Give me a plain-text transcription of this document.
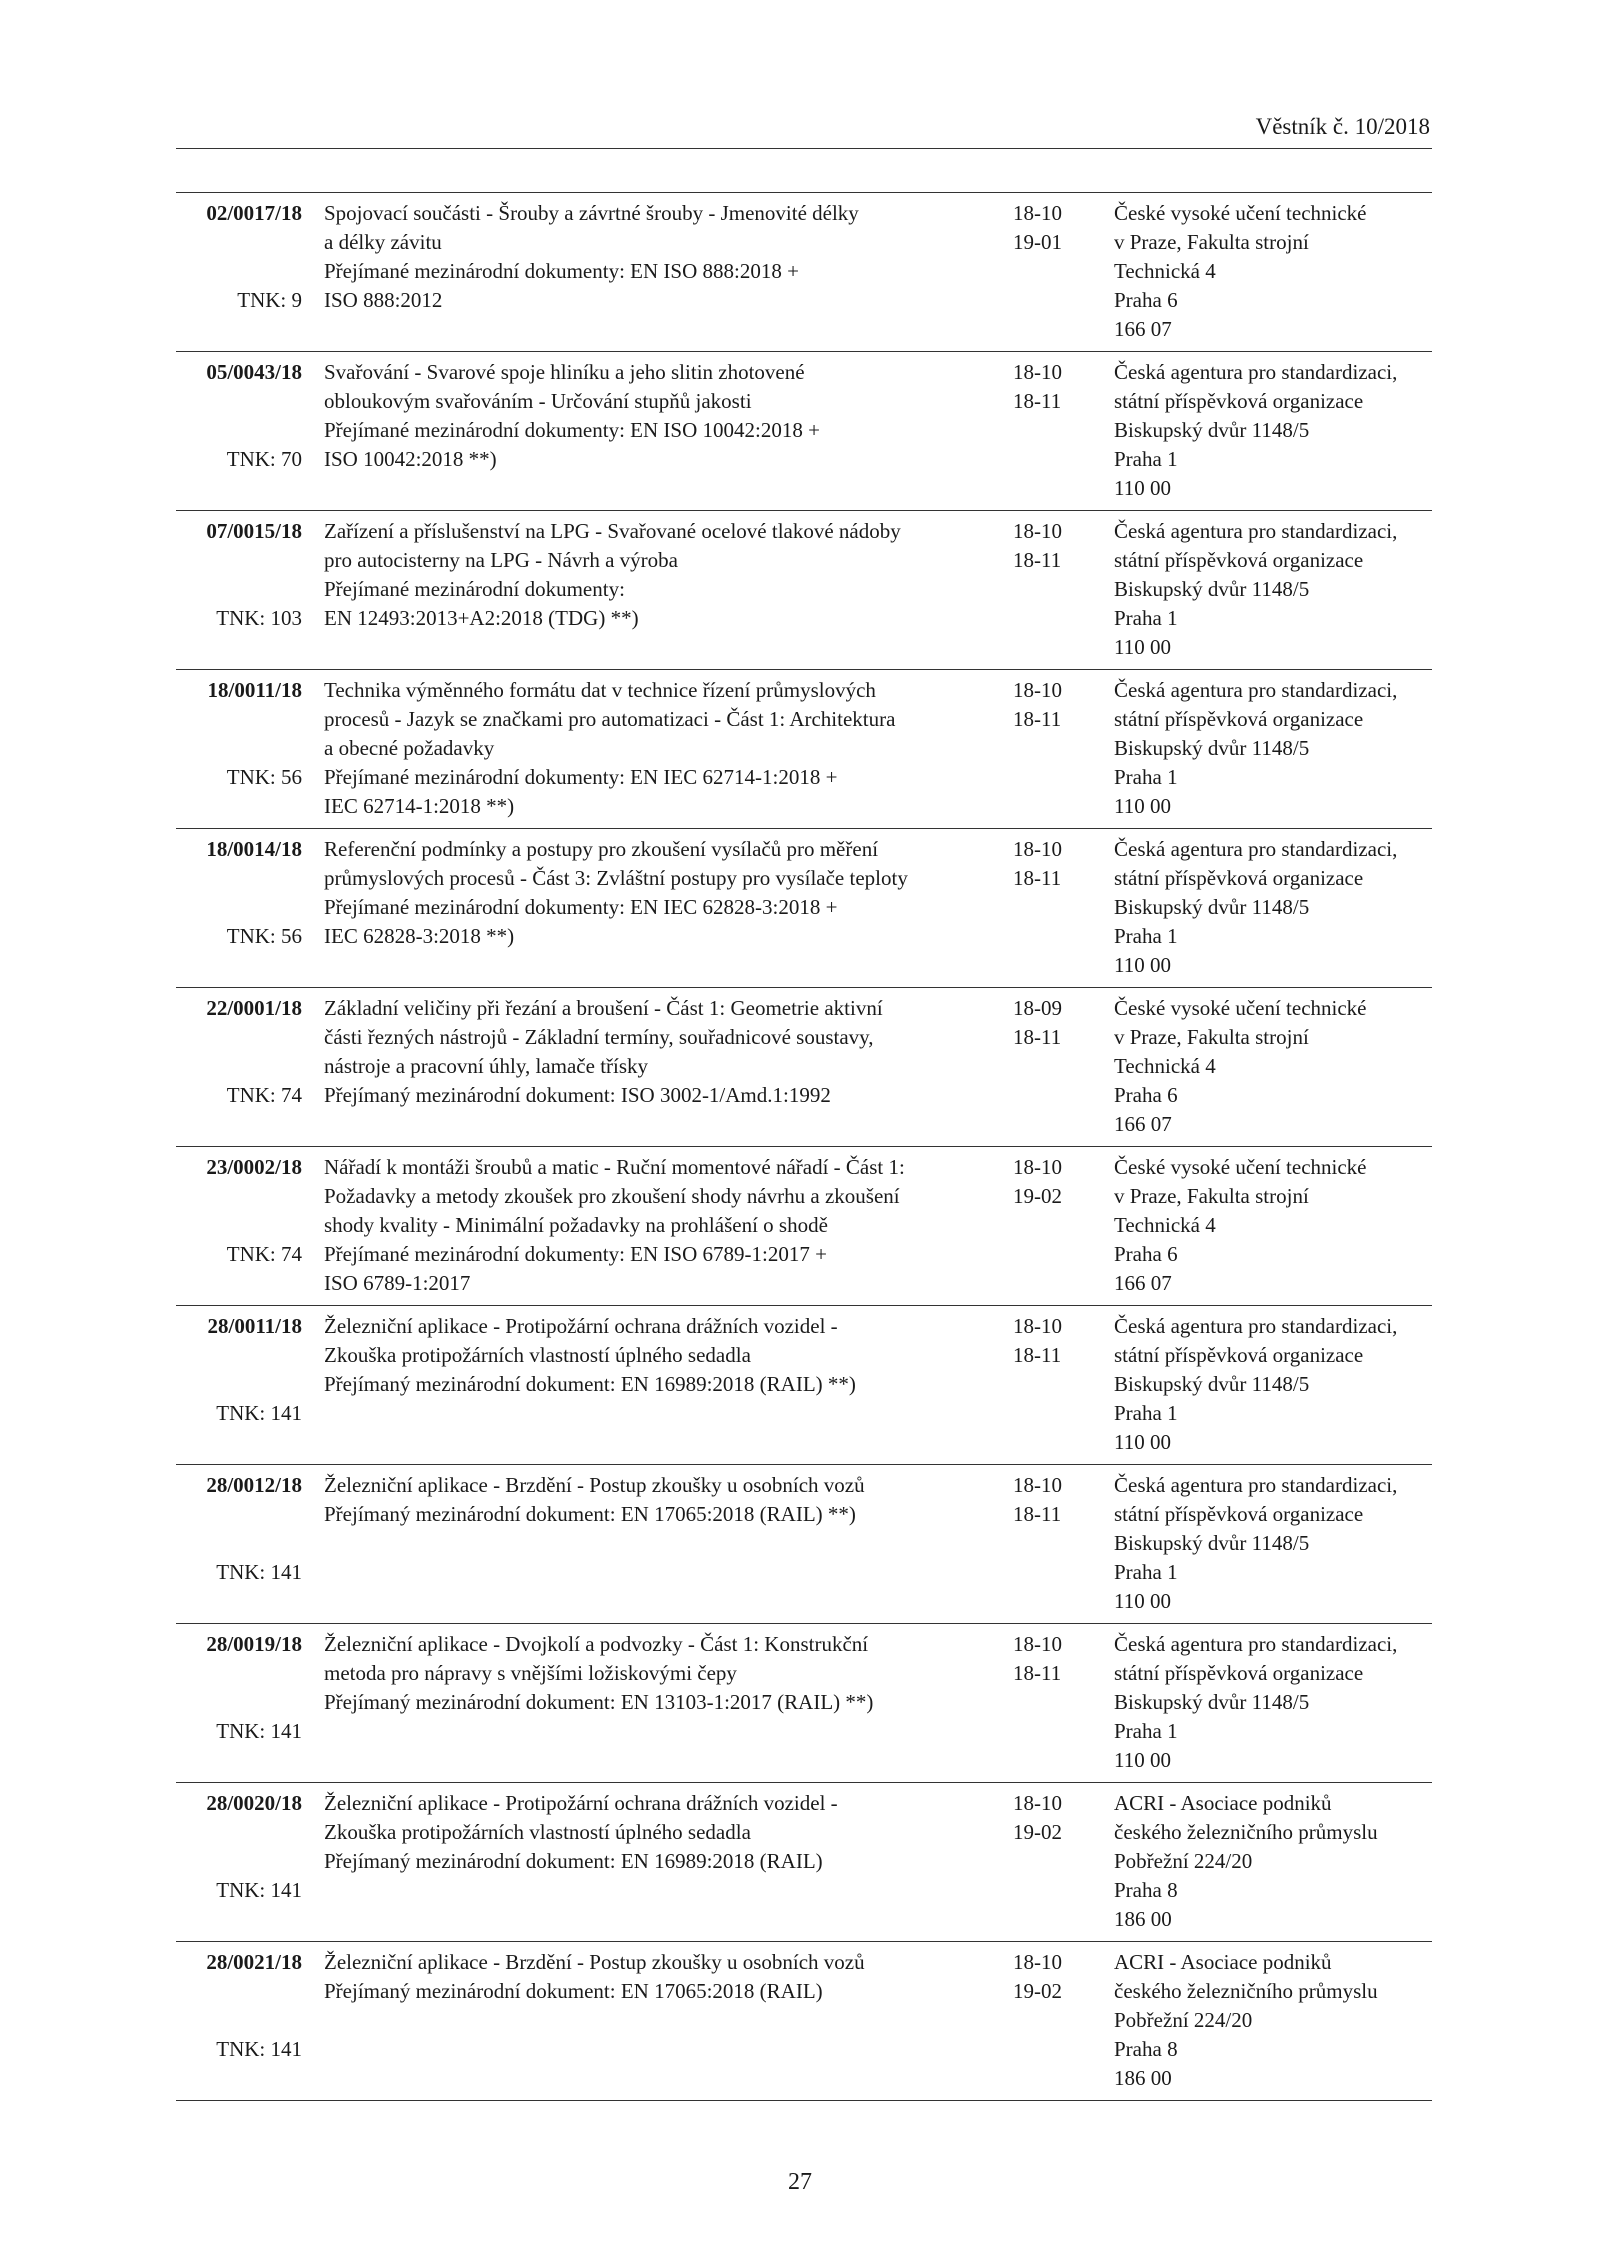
Věstník č. 10/2018
02/0017/18
TNK: 9
Spojovací součásti - Šrouby a závrtné šrouby - Jmenovité délky
a délky závitu
Přejímané mezinárodní dokumenty: EN ISO 888:2018 +
ISO 888:2012
18-10
19-01
České vysoké učení technické
v Praze, Fakulta strojní
Technická 4
Praha 6
166 07
05/0043/18
TNK: 70
Svařování - Svarové spoje hliníku a jeho slitin zhotovené
obloukovým svařováním - Určování stupňů jakosti
Přejímané mezinárodní dokumenty: EN ISO 10042:2018 +
ISO 10042:2018 **)
18-10
18-11
Česká agentura pro standardizaci,
státní příspěvková organizace
Biskupský dvůr 1148/5
Praha 1
110 00
07/0015/18
TNK: 103
Zařízení a příslušenství na LPG - Svařované ocelové tlakové nádoby
pro autocisterny na LPG - Návrh a výroba
Přejímané mezinárodní dokumenty:
EN 12493:2013+A2:2018 (TDG) **)
18-10
18-11
Česká agentura pro standardizaci,
státní příspěvková organizace
Biskupský dvůr 1148/5
Praha 1
110 00
18/0011/18
TNK: 56
Technika výměnného formátu dat v technice řízení průmyslových
procesů - Jazyk se značkami pro automatizaci - Část 1: Architektura
a obecné požadavky
Přejímané mezinárodní dokumenty: EN IEC 62714-1:2018 +
IEC 62714-1:2018 **)
18-10
18-11
Česká agentura pro standardizaci,
státní příspěvková organizace
Biskupský dvůr 1148/5
Praha 1
110 00
18/0014/18
TNK: 56
Referenční podmínky a postupy pro zkoušení vysílačů pro měření
průmyslových procesů - Část 3: Zvláštní postupy pro vysílače teploty
Přejímané mezinárodní dokumenty: EN IEC 62828-3:2018 +
IEC 62828-3:2018 **)
18-10
18-11
Česká agentura pro standardizaci,
státní příspěvková organizace
Biskupský dvůr 1148/5
Praha 1
110 00
22/0001/18
TNK: 74
Základní veličiny při řezání a broušení - Část 1: Geometrie aktivní
části řezných nástrojů - Základní termíny, souřadnicové soustavy,
nástroje a pracovní úhly, lamače třísky
Přejímaný mezinárodní dokument: ISO 3002-1/Amd.1:1992
18-09
18-11
České vysoké učení technické
v Praze, Fakulta strojní
Technická 4
Praha 6
166 07
23/0002/18
TNK: 74
Nářadí k montáži šroubů a matic - Ruční momentové nářadí - Část 1:
Požadavky a metody zkoušek pro zkoušení shody návrhu a zkoušení
shody kvality - Minimální požadavky na prohlášení o shodě
Přejímané mezinárodní dokumenty: EN ISO 6789-1:2017 +
ISO 6789-1:2017
18-10
19-02
České vysoké učení technické
v Praze, Fakulta strojní
Technická 4
Praha 6
166 07
28/0011/18
TNK: 141
Železniční aplikace - Protipožární ochrana drážních vozidel -
Zkouška protipožárních vlastností úplného sedadla
Přejímaný mezinárodní dokument: EN 16989:2018 (RAIL) **)
18-10
18-11
Česká agentura pro standardizaci,
státní příspěvková organizace
Biskupský dvůr 1148/5
Praha 1
110 00
28/0012/18
TNK: 141
Železniční aplikace - Brzdění - Postup zkoušky u osobních vozů
Přejímaný mezinárodní dokument: EN 17065:2018 (RAIL) **)
18-10
18-11
Česká agentura pro standardizaci,
státní příspěvková organizace
Biskupský dvůr 1148/5
Praha 1
110 00
28/0019/18
TNK: 141
Železniční aplikace - Dvojkolí a podvozky - Část 1: Konstrukční
metoda pro nápravy s vnějšími ložiskovými čepy
Přejímaný mezinárodní dokument: EN 13103-1:2017 (RAIL) **)
18-10
18-11
Česká agentura pro standardizaci,
státní příspěvková organizace
Biskupský dvůr 1148/5
Praha 1
110 00
28/0020/18
TNK: 141
Železniční aplikace - Protipožární ochrana drážních vozidel -
Zkouška protipožárních vlastností úplného sedadla
Přejímaný mezinárodní dokument: EN 16989:2018 (RAIL)
18-10
19-02
ACRI - Asociace podniků
českého železničního průmyslu
Pobřežní 224/20
Praha 8
186 00
28/0021/18
TNK: 141
Železniční aplikace - Brzdění - Postup zkoušky u osobních vozů
Přejímaný mezinárodní dokument: EN 17065:2018 (RAIL)
18-10
19-02
ACRI - Asociace podniků
českého železničního průmyslu
Pobřežní 224/20
Praha 8
186 00
27
